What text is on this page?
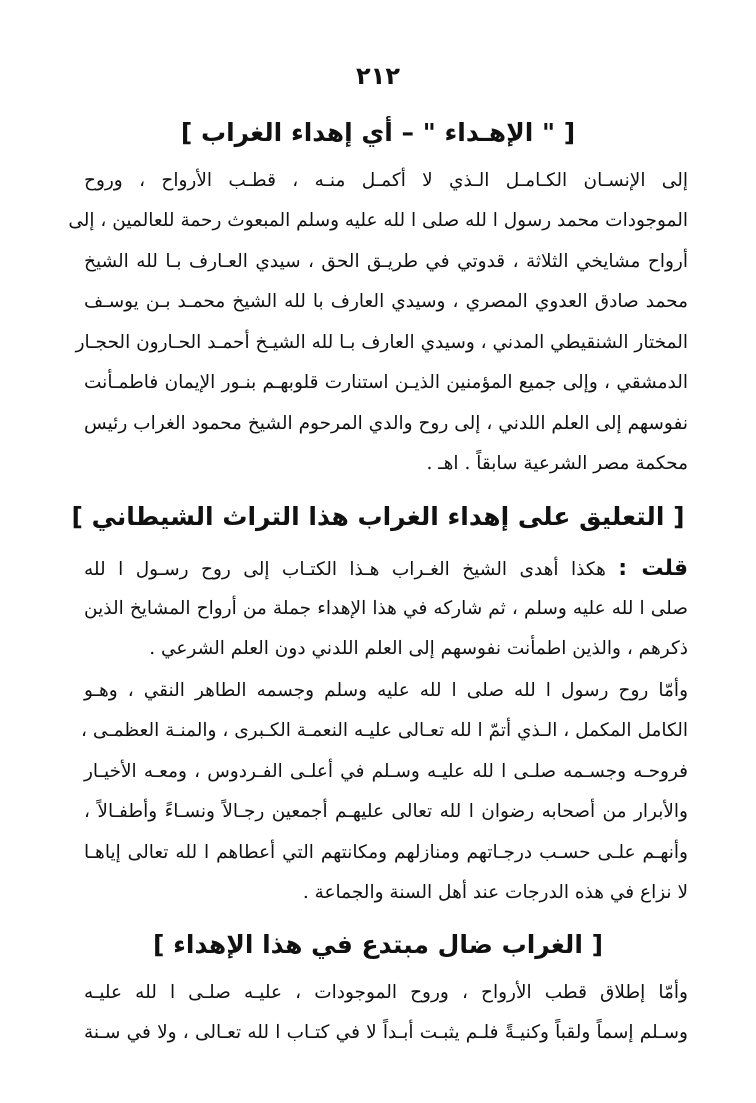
٢١٢
[ " الإهـداء " – أي إهداء الغراب ]
إلى الإنسـان الكـامـل الـذي لا أكمـل منـه ، قطـب الأرواح ، وروح
الموجودات محمد رسول ا لله صلى ا لله عليه وسلم المبعوث رحمة للعالمين ، إلى
أرواح مشايخي الثلاثة ، قدوتي في طريـق الحق ، سيدي العـارف بـا لله الشيخ
محمد صادق العدوي المصري ، وسيدي العارف با لله الشيخ محمـد بـن يوسـف
المختار الشنقيطي المدني ، وسيدي العارف بـا لله الشيـخ أحمـد الحـارون الحجـار
الدمشقي ، وإلى جميع المؤمنين الذيـن استنارت قلوبهـم بنـور الإيمان فاطمـأنت
نفوسهم إلى العلم اللدني ، إلى روح والدي المرحوم الشيخ محمود الغراب رئيس
محكمة مصر الشرعية سابقاً . اهـ .
[ التعليق على إهداء الغراب هذا التراث الشيطاني ]
قلت : هكذا أهدى الشيخ الغـراب هـذا الكتـاب إلى روح رسـول ا لله
صلى ا لله عليه وسلم ، ثم شاركه في هذا الإهداء جملة من أرواح المشايخ الذين
ذكرهم ، والذين اطمأنت نفوسهم إلى العلم اللدني دون العلم الشرعي .
وأمّا روح رسول ا لله صلى ا لله عليه وسلم وجسمه الطاهر النقي ، وهـو
الكامل المكمل ، الـذي أتمّ ا لله تعـالى عليـه النعمـة الكـبرى ، والمنـة العظمـى ،
فروحـه وجسـمه صلـى ا لله عليـه وسـلم في أعلـى الفـردوس ، ومعـه الأخيـار
والأبرار من أصحابه رضوان ا لله تعالى عليهـم أجمعين رجـالاً ونسـاءً وأطفـالاً ،
وأنهـم علـى حسـب درجـاتهم ومنازلهم ومكانتهم التي أعطاهم ا لله تعالى إياهـا
لا نزاع في هذه الدرجات عند أهل السنة والجماعة .
[ الغراب ضال مبتدع في هذا الإهداء ]
وأمّا إطلاق قطب الأرواح ، وروح الموجودات ، عليـه صلـى ا لله عليـه
وسـلم إسماً ولقباً وكنيـةً فلـم يثبـت أبـداً لا في كتـاب ا لله تعـالى ، ولا في سـنة
